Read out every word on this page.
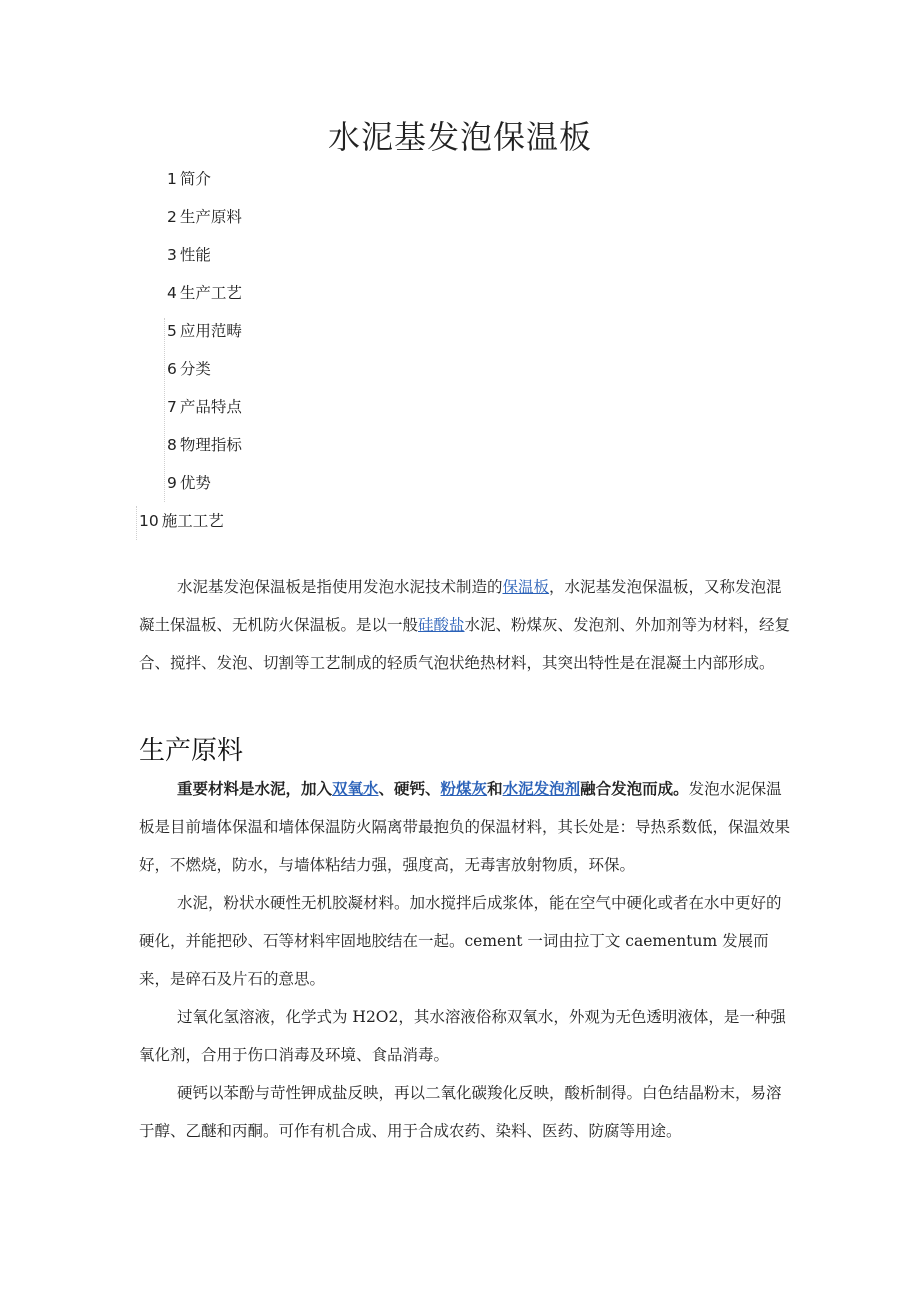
水泥基发泡保温板
1 简介
2 生产原料
3 性能
4 生产工艺
5 应用范畴
6 分类
7 产品特点
8 物理指标
9 优势
10 施工工艺

水泥基发泡保温板是指使用发泡水泥技术制造的保温板，水泥基发泡保温板，又称发泡混凝土保温板、无机防火保温板。是以一般硅酸盐水泥、粉煤灰、发泡剂、外加剂等为材料，经复合、搅拌、发泡、切割等工艺制成的轻质气泡状绝热材料，其突出特性是在混凝土内部形成。

生产原料

重要材料是水泥，加入双氧水、硬钙、粉煤灰和水泥发泡剂融合发泡而成。发泡水泥保温板是目前墙体保温和墙体保温防火隔离带最抱负的保温材料，其长处是：导热系数低，保温效果好，不燃烧，防水，与墙体粘结力强，强度高，无毒害放射物质，环保。

水泥，粉状水硬性无机胶凝材料。加水搅拌后成浆体，能在空气中硬化或者在水中更好的硬化，并能把砂、石等材料牢固地胶结在一起。cement 一词由拉丁文 caementum 发展而来，是碎石及片石的意思。

过氧化氢溶液，化学式为 H2O2，其水溶液俗称双氧水，外观为无色透明液体，是一种强氧化剂，合用于伤口消毒及环境、食品消毒。

硬钙以苯酚与苛性钾成盐反映，再以二氧化碳羧化反映，酸析制得。白色结晶粉末，易溶于醇、乙醚和丙酮。可作有机合成、用于合成农药、染料、医药、防腐等用途。
